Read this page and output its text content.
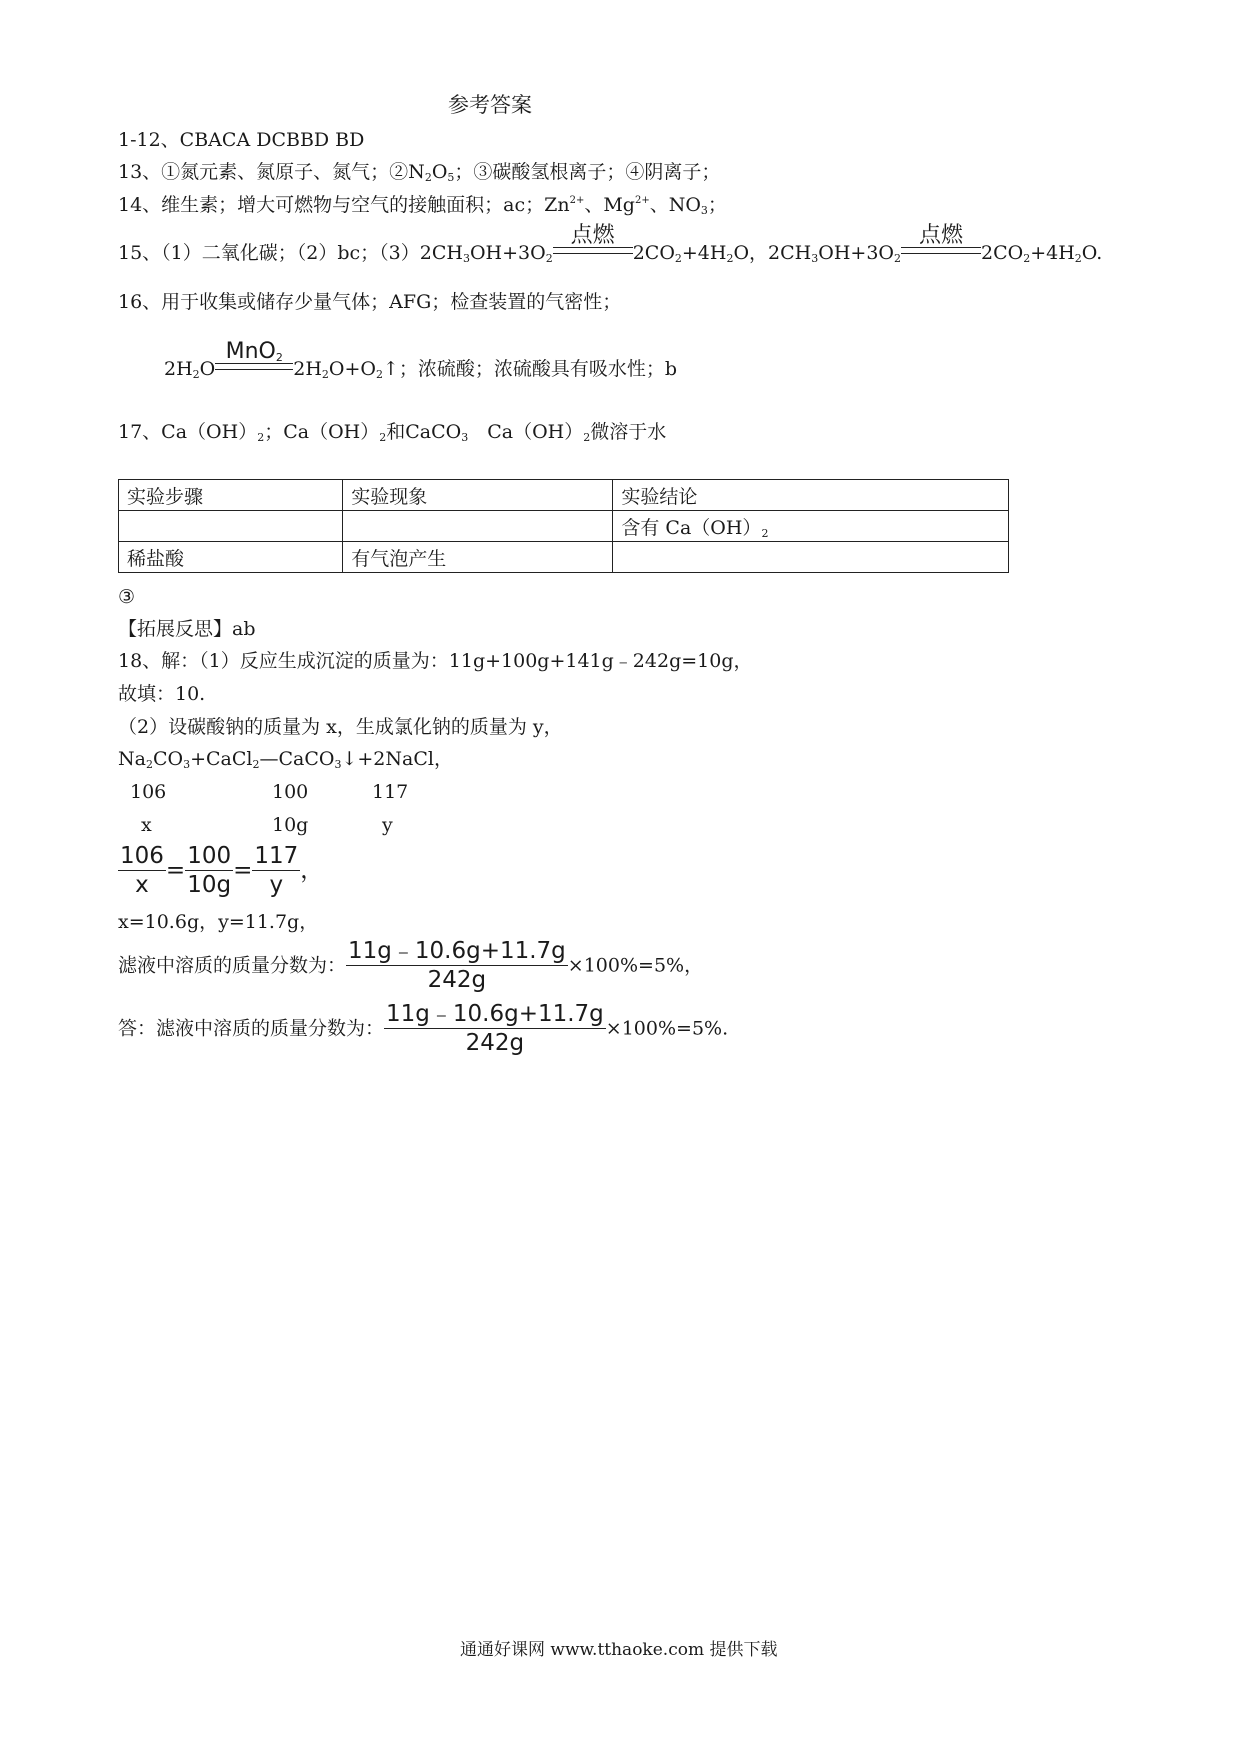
参考答案
1-12、CBACA DCBBD BD
13、①氮元素、氮原子、氮气；$②N_2O_5$；③碳酸氢根离子；④阴离子；
14、维生素；增大可燃物与空气的接触面积；ac；$Zn^{2+}$、$Mg^{2+}$、$NO_3$；
15、（1）二氧化碳；（2）bc；$(3)2CH_3OH+3O_2$
点燃
$2CO_2+4H_2O$，$2CH_3OH+3O_2$
点燃
$2CO_2+4H_2O$.
16、用于收集或储存少量气体；AFG；检查装置的气密性；
$2H_2O$
MnO$_2$
$2H_2O+O_2↑$；浓硫酸；浓硫酸具有吸水性；b
17、$Ca(OH)_2$；$Ca(OH)_2$和CaCO$_3$　$Ca(OH)_2$微溶于水
实验步骤	实验现象	实验结论
		含有 $Ca(OH)_2$
稀盐酸	有气泡产生	
③
【拓展反思】ab
18、解：（1）反应生成沉淀的质量为：11g+100g+141g﹣242g=10g，
故填：10.
（2）设碳酸钠的质量为 x，生成氯化钠的质量为 y，
$Na_2CO_3+CaCl_2—CaCO_3↓+2NaCl$，
106	100	117
x	10g	y
$\frac{106}{x} = \frac{100}{10g} = \frac{117}{y}$ ，
x=10.6g，y=11.7g，
滤液中溶质的质量分数为： $\frac{11g﹣10.6g+11.7g}{242g} \times 100\%=5\%$，
答：滤液中溶质的质量分数为： $\frac{11g﹣10.6g+11.7g}{242g} \times 100\%=5\%$.
通通好课网 www.tthaoke.com 提供下载
